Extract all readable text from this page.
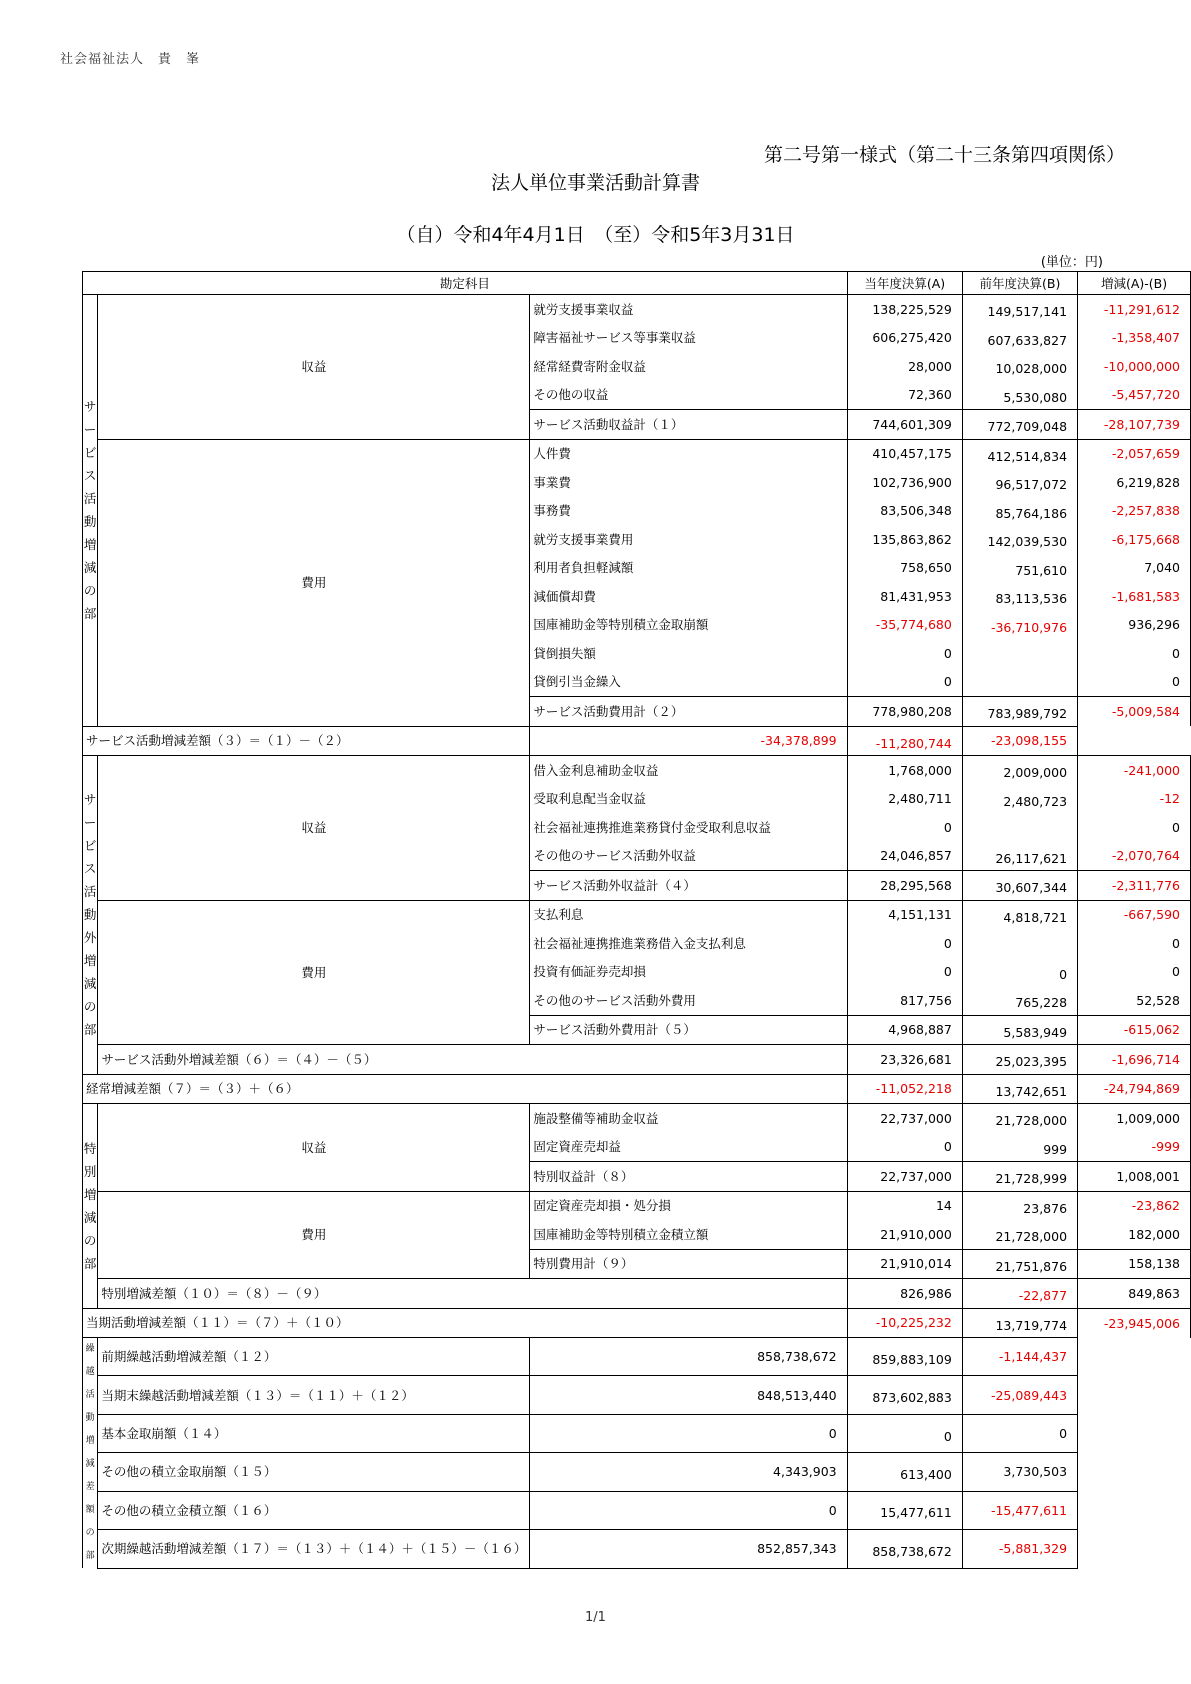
社会福祉法人　貴　峯
第二号第一様式（第二十三条第四項関係）
法人単位事業活動計算書
（自）令和4年4月1日　（至）令和5年3月31日
(単位：円)
勘定科目			当年度決算(A)	前年度決算(B)	増減(A)-(B)
サービス活動増減の部	収益	就労支援事業収益	138,225,529	149,517,141	-11,291,612
		障害福祉サービス等事業収益	606,275,420	607,633,827	-1,358,407
		経常経費寄附金収益	28,000	10,028,000	-10,000,000
		その他の収益	72,360	5,530,080	-5,457,720
		サービス活動収益計（１）	744,601,309	772,709,048	-28,107,739
	費用	人件費	410,457,175	412,514,834	-2,057,659
		事業費	102,736,900	96,517,072	6,219,828
		事務費	83,506,348	85,764,186	-2,257,838
		就労支援事業費用	135,863,862	142,039,530	-6,175,668
		利用者負担軽減額	758,650	751,610	7,040
		減価償却費	81,431,953	83,113,536	-1,681,583
		国庫補助金等特別積立金取崩額	-35,774,680	-36,710,976	936,296
		貸倒損失額	0		0
		貸倒引当金繰入	0		0
		サービス活動費用計（２）	778,980,208	783,989,792	-5,009,584
サービス活動増減差額（３）＝（１）－（２）		-34,378,899	-11,280,744	-23,098,155	
サービス活動外増減の部	収益	借入金利息補助金収益	1,768,000	2,009,000	-241,000
		受取利息配当金収益	2,480,711	2,480,723	-12
		社会福祉連携推進業務貸付金受取利息収益	0		0
		その他のサービス活動外収益	24,046,857	26,117,621	-2,070,764
		サービス活動外収益計（４）	28,295,568	30,607,344	-2,311,776
	費用	支払利息	4,151,131	4,818,721	-667,590
		社会福祉連携推進業務借入金支払利息	0		0
		投資有価証券売却損	0	0	0
		その他のサービス活動外費用	817,756	765,228	52,528
		サービス活動外費用計（５）	4,968,887	5,583,949	-615,062
	サービス活動外増減差額（６）＝（４）－（５）		23,326,681	25,023,395	-1,696,714
経常増減差額（７）＝（３）＋（６）			-11,052,218	13,742,651	-24,794,869
特別増減の部	収益	施設整備等補助金収益	22,737,000	21,728,000	1,009,000
		固定資産売却益	0	999	-999
		特別収益計（８）	22,737,000	21,728,999	1,008,001
	費用	固定資産売却損・処分損	14	23,876	-23,862
		国庫補助金等特別積立金積立額	21,910,000	21,728,000	182,000
		特別費用計（９）	21,910,014	21,751,876	158,138
	特別増減差額（１０）＝（８）－（９）		826,986	-22,877	849,863
当期活動増減差額（１１）＝（７）＋（１０）			-10,225,232	13,719,774	-23,945,006
繰越活動増減差額の部	前期繰越活動増減差額（１２）	858,738,672	859,883,109	-1,144,437	
	当期末繰越活動増減差額（１３）＝（１１）＋（１２）	848,513,440	873,602,883	-25,089,443	
	基本金取崩額（１４）	0	0	0	
	その他の積立金取崩額（１５）	4,343,903	613,400	3,730,503	
	その他の積立金積立額（１６）	0	15,477,611	-15,477,611	
	次期繰越活動増減差額（１７）＝（１３）＋（１４）＋（１５）－（１６）	852,857,343	858,738,672	-5,881,329	
1/1
